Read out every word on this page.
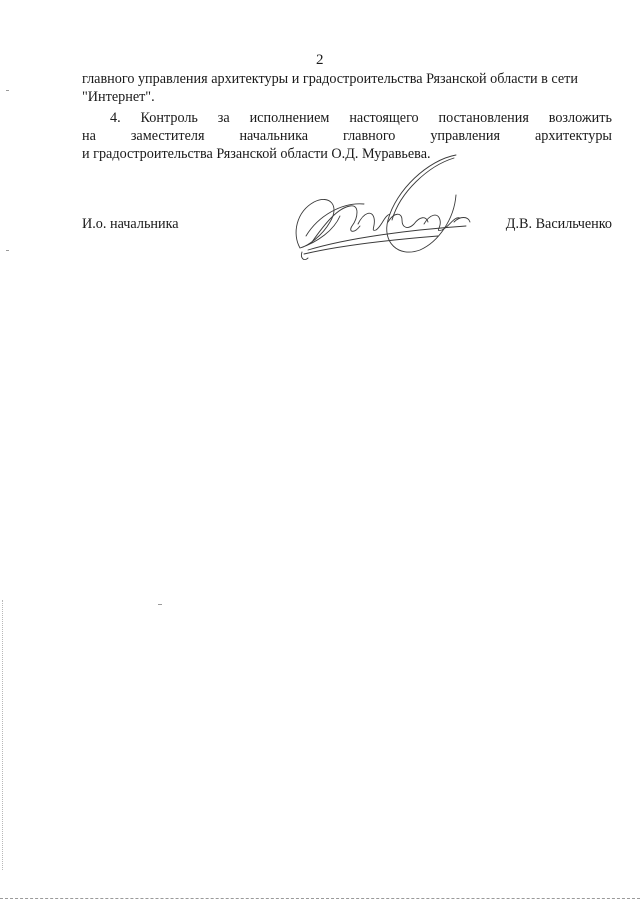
2
главного управления архитектуры и градостроительства Рязанской области в сети
"Интернет".
4. Контроль за исполнением настоящего постановления возложить
на заместителя начальника главного управления архитектуры
и градостроительства Рязанской области О.Д. Муравьева.
И.о. начальника	Д.В. Васильченко
